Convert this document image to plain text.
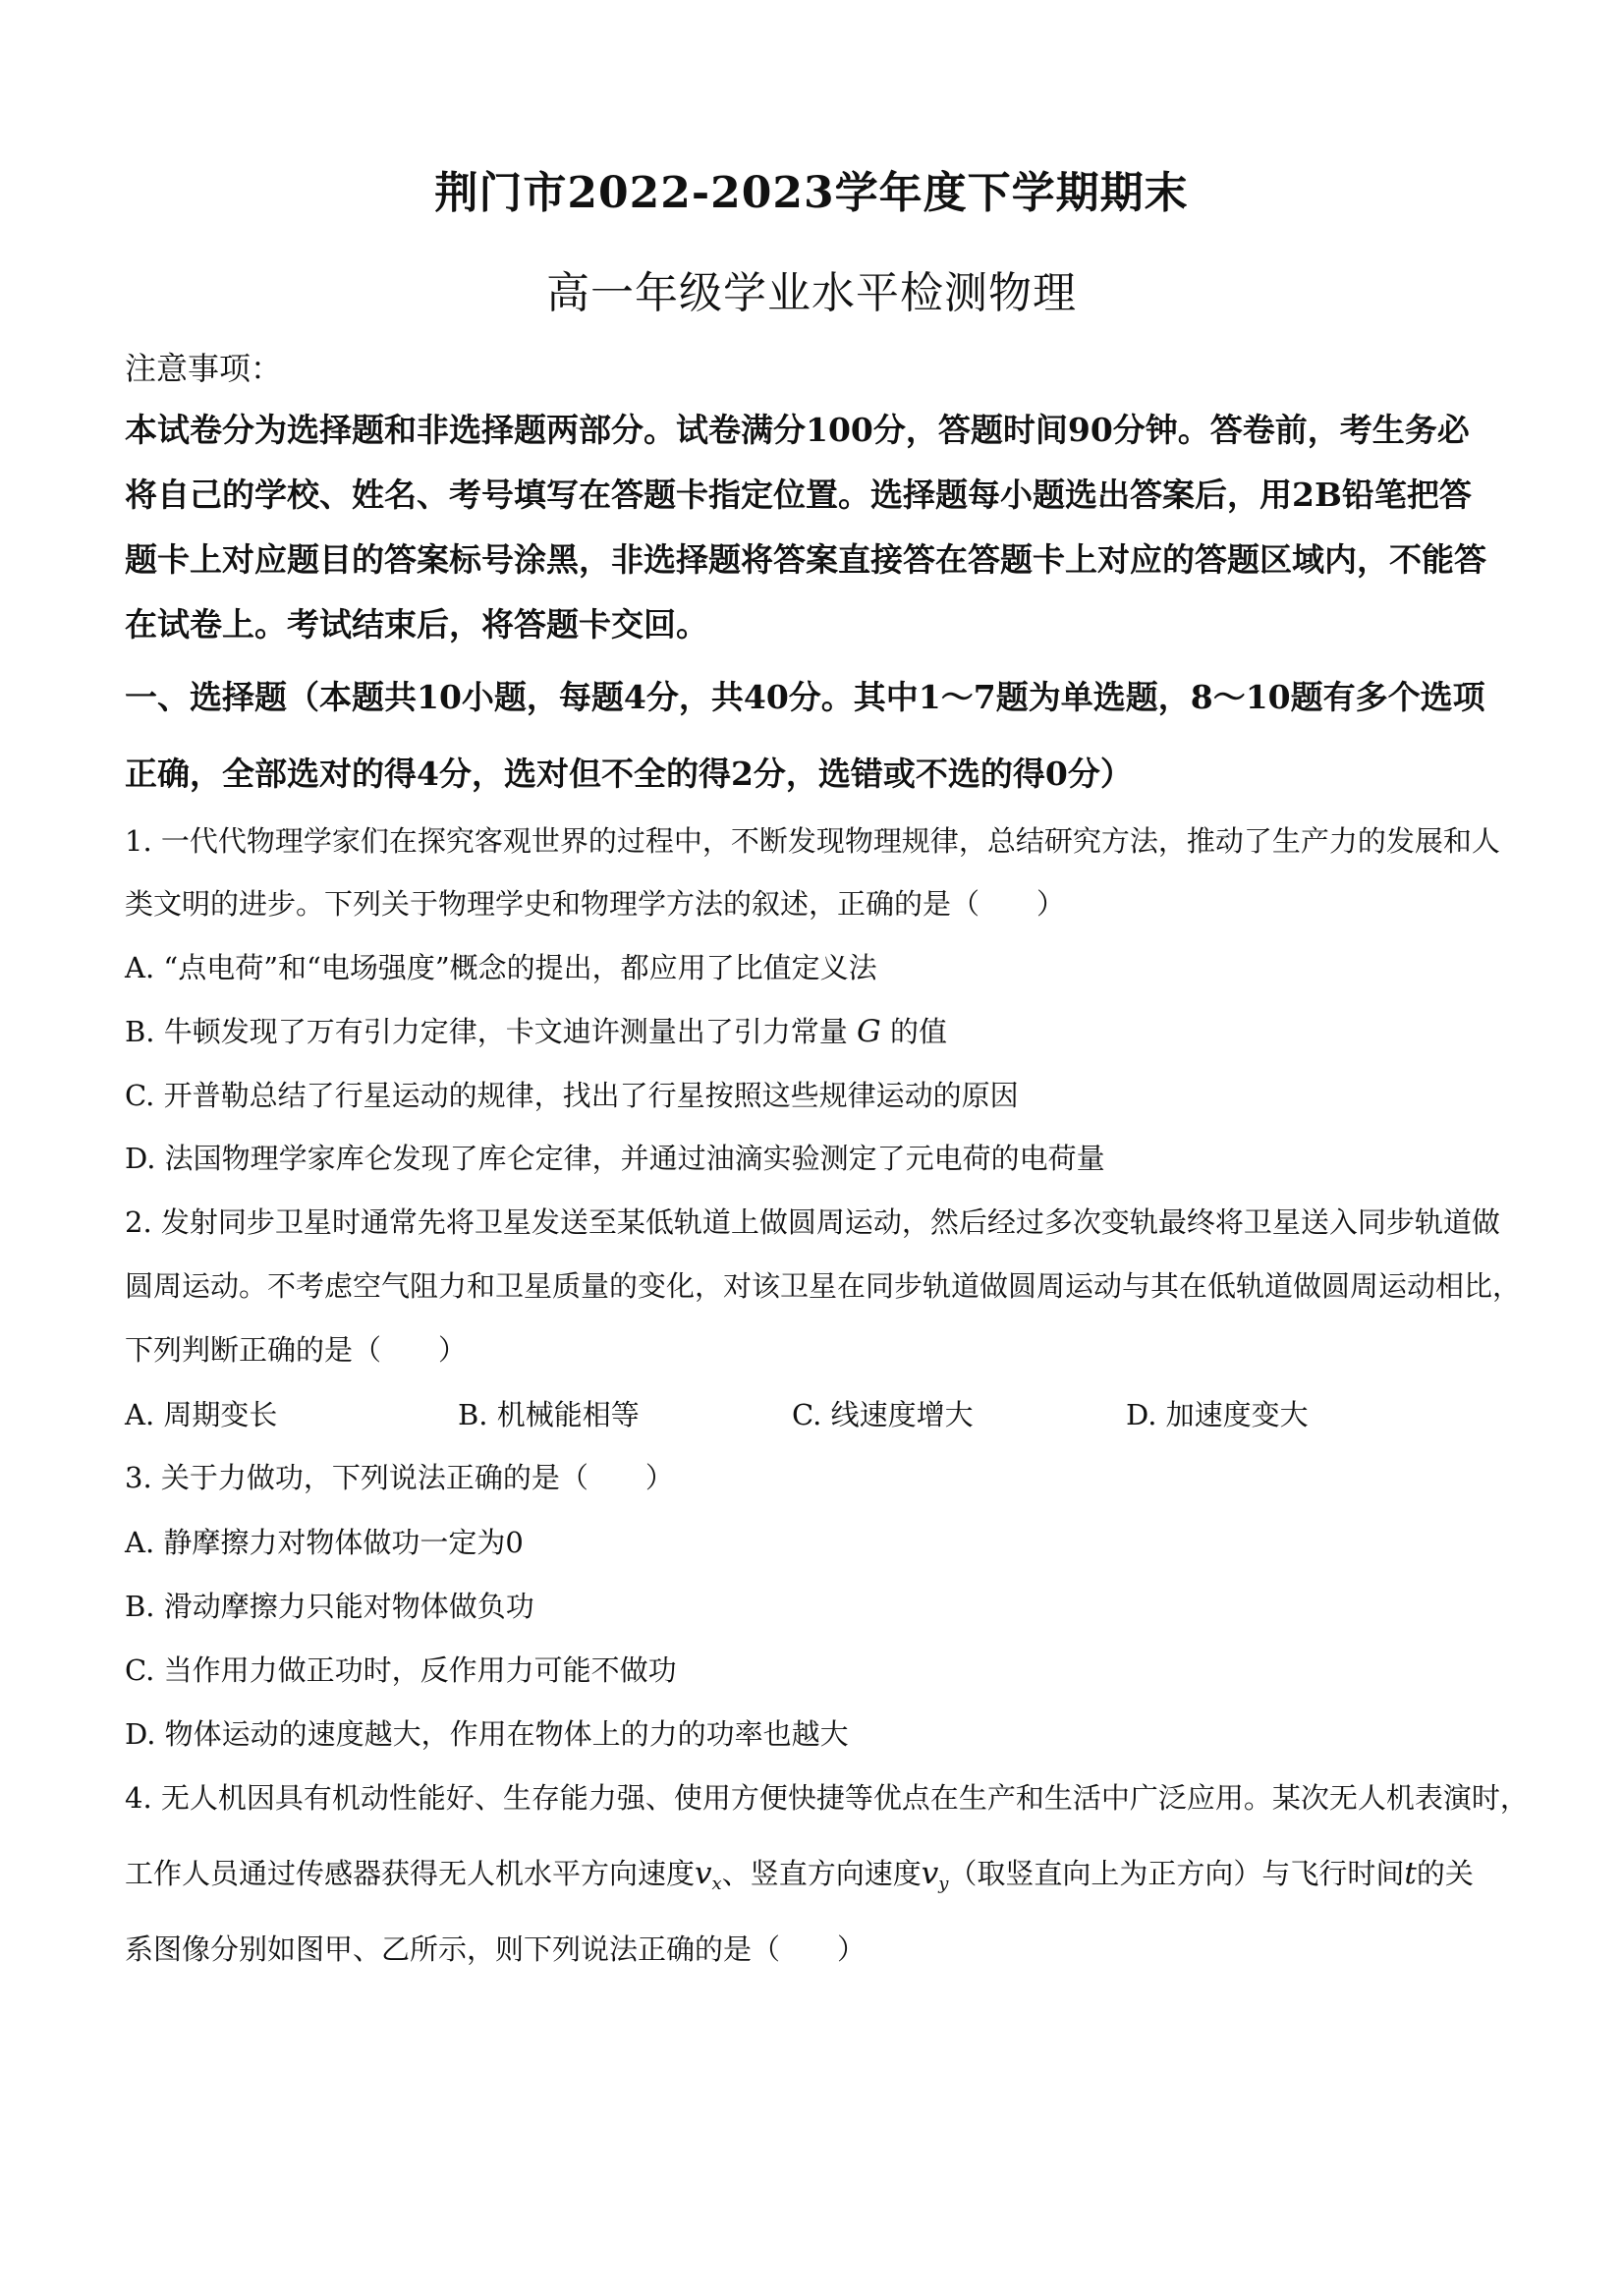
荆门市2022-2023学年度下学期期末
高一年级学业水平检测物理
注意事项：
本试卷分为选择题和非选择题两部分。试卷满分100分，答题时间90分钟。答卷前，考生务必
将自己的学校、姓名、考号填写在答题卡指定位置。选择题每小题选出答案后，用2B铅笔把答
题卡上对应题目的答案标号涂黑，非选择题将答案直接答在答题卡上对应的答题区域内，不能答
在试卷上。考试结束后，将答题卡交回。
一、选择题（本题共10小题，每题4分，共40分。其中1～7题为单选题，8～10题有多个选项
正确，全部选对的得4分，选对但不全的得2分，选错或不选的得0分）
1. 一代代物理学家们在探究客观世界的过程中，不断发现物理规律，总结研究方法，推动了生产力的发展和人
类文明的进步。下列关于物理学史和物理学方法的叙述，正确的是（　　）
A. “点电荷”和“电场强度”概念的提出，都应用了比值定义法
B. 牛顿发现了万有引力定律，卡文迪许测量出了引力常量 G 的值
C. 开普勒总结了行星运动的规律，找出了行星按照这些规律运动的原因
D. 法国物理学家库仑发现了库仑定律，并通过油滴实验测定了元电荷的电荷量
2. 发射同步卫星时通常先将卫星发送至某低轨道上做圆周运动，然后经过多次变轨最终将卫星送入同步轨道做
圆周运动。不考虑空气阻力和卫星质量的变化，对该卫星在同步轨道做圆周运动与其在低轨道做圆周运动相比，
下列判断正确的是（　　）
A. 周期变长	B. 机械能相等	C. 线速度增大	D. 加速度变大
3. 关于力做功，下列说法正确的是（　　）
A. 静摩擦力对物体做功一定为0
B. 滑动摩擦力只能对物体做负功
C. 当作用力做正功时，反作用力可能不做功
D. 物体运动的速度越大，作用在物体上的力的功率也越大
4. 无人机因具有机动性能好、生存能力强、使用方便快捷等优点在生产和生活中广泛应用。某次无人机表演时，
工作人员通过传感器获得无人机水平方向速度$v_x$、竖直方向速度$v_y$（取竖直向上为正方向）与飞行时间t的关
系图像分别如图甲、乙所示，则下列说法正确的是（　　）
